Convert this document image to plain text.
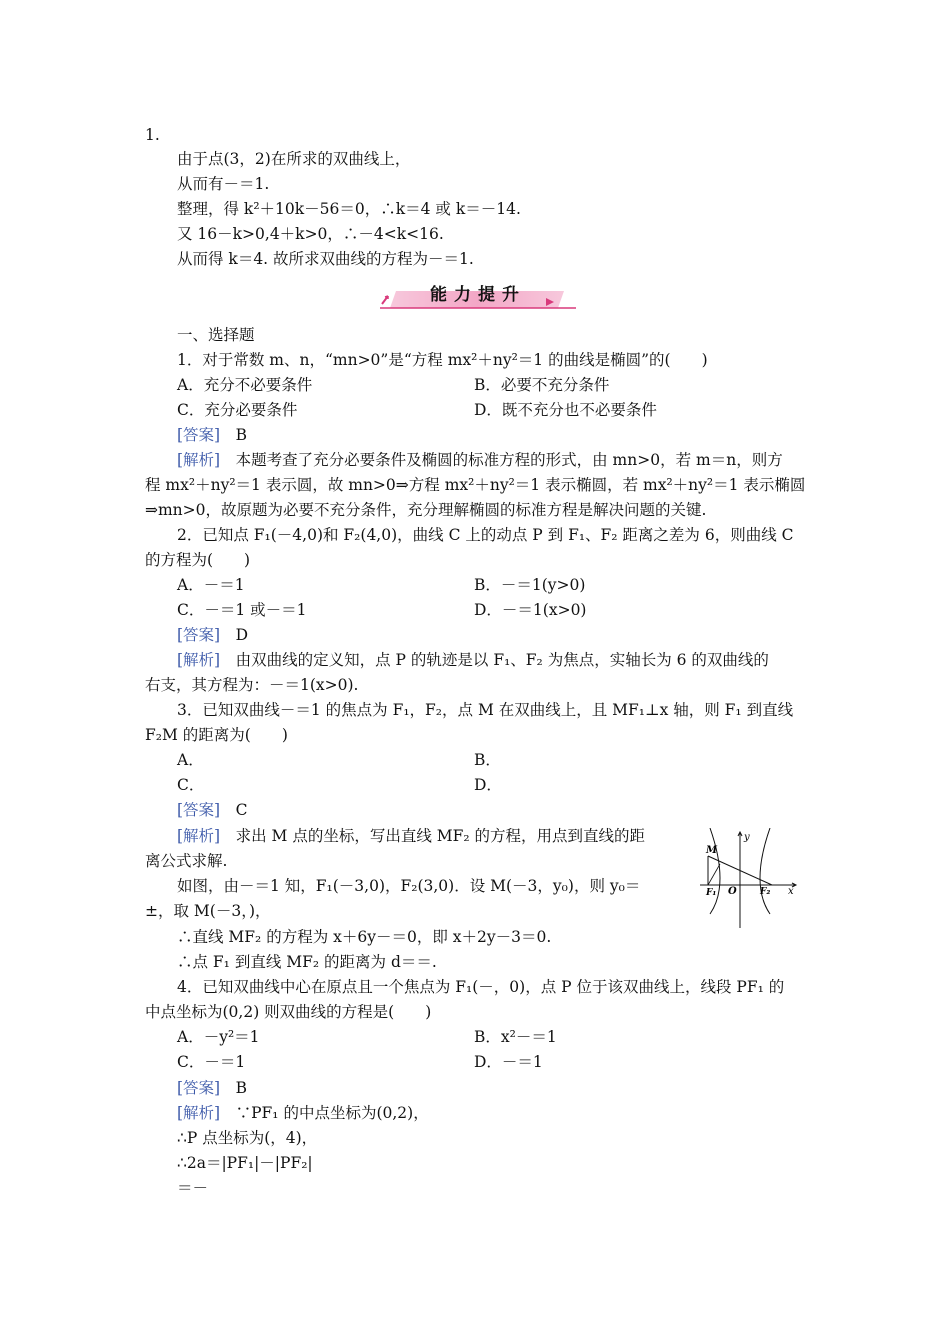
1.
由于点(3，2)在所求的双曲线上，
从而有－＝1.
整理，得 k²＋10k－56＝0，∴k＝4 或 k＝－14.
又 16－k>0,4＋k>0，∴－4<k<16.
从而得 k＝4. 故所求双曲线的方程为－＝1.
能力提升
一、选择题
1．对于常数 m、n，“mn>0”是“方程 mx²＋ny²＝1 的曲线是椭圆”的(　　)
A．充分不必要条件	B．必要不充分条件
C．充分必要条件	D．既不充分也不必要条件
[答案]　 B
[解析]　 本题考查了充分必要条件及椭圆的标准方程的形式，由 mn>0，若 m＝n，则方
程 mx²＋ny²＝1 表示圆，故 mn>0⇒方程 mx²＋ny²＝1 表示椭圆，若 mx²＋ny²＝1 表示椭圆
⇒mn>0，故原题为必要不充分条件，充分理解椭圆的标准方程是解决问题的关键.
2．已知点 F₁(－4,0)和 F₂(4,0)，曲线 C 上的动点 P 到 F₁、F₂ 距离之差为 6，则曲线 C
的方程为(　　)
A．－＝1	B．－＝1(y>0)
C．－＝1 或－＝1	D．－＝1(x>0)
[答案]　 D
[解析]　 由双曲线的定义知，点 P 的轨迹是以 F₁、F₂ 为焦点，实轴长为 6 的双曲线的
右支，其方程为：－＝1(x>0).
3．已知双曲线－＝1 的焦点为 F₁，F₂，点 M 在双曲线上，且 MF₁⊥x 轴，则 F₁ 到直线
F₂M 的距离为(　　)
A．	B．
C．	D．
[答案]　 C
[解析]　 求出 M 点的坐标，写出直线 MF₂ 的方程，用点到直线的距
离公式求解.
如图，由－＝1 知，F₁(－3,0)，F₂(3,0)．设 M(－3，y₀)，则 y₀＝
±，取 M(－3，)，
∴直线 MF₂ 的方程为 x＋6y－＝0，即 x＋2y－3＝0.
∴点 F₁ 到直线 MF₂ 的距离为 d＝＝.
y
x
M
O
F₁	F₂
4．已知双曲线中心在原点且一个焦点为 F₁(－，0)，点 P 位于该双曲线上，线段 PF₁ 的
中点坐标为(0,2) 则双曲线的方程是(　　)
A．－y²＝1	B．x²－＝1
C．－＝1	D．－＝1
[答案]　 B
[解析]　 ∵PF₁ 的中点坐标为(0,2)，
∴P 点坐标为(，4)，
∴2a＝|PF₁|－|PF₂|
＝－
